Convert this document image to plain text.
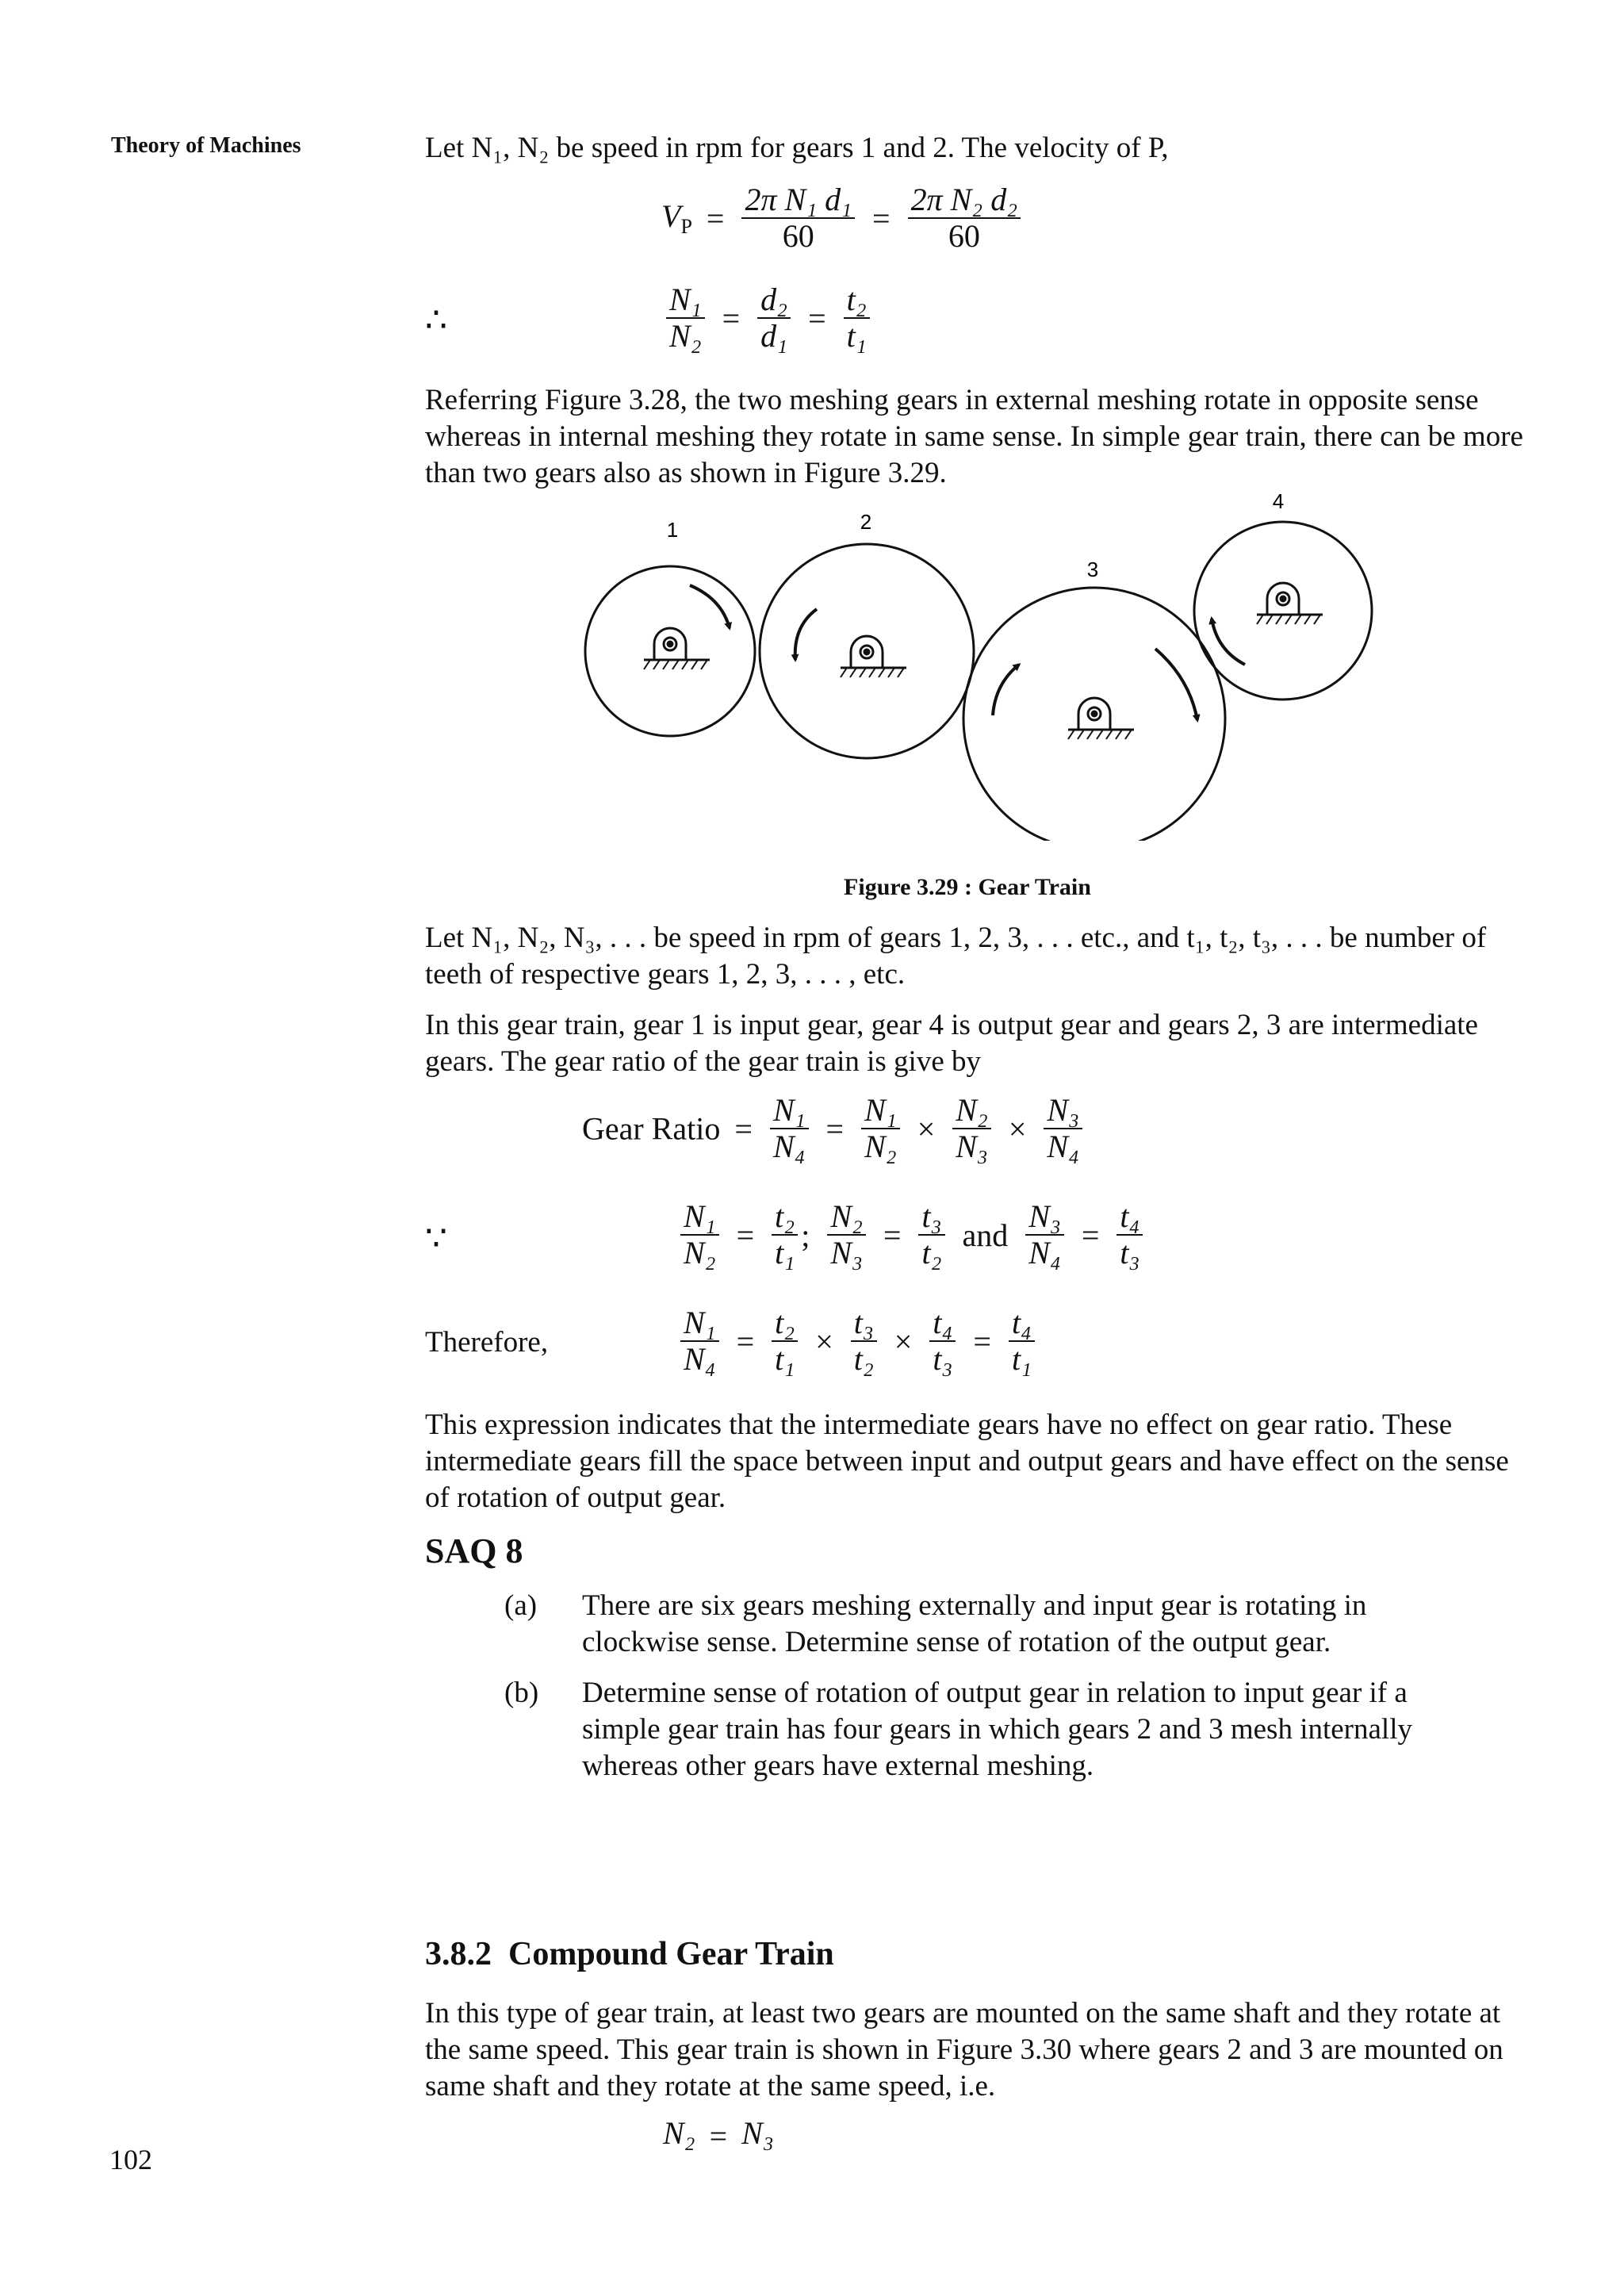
Theory of Machines	Let N₁, N₂ be speed in rpm for gears 1 and 2. The velocity of P,

$V_P = \frac{\text{2π N₁ d₁}}{60} = \frac{\text{2π N₂ d₂}}{60}$
∴	$\frac{\text{N₁}}{\text{N₂}} = \frac{\text{d₂}}{\text{d₁}} = \frac{\text{t₂}}{\text{t₁}}$

Referring Figure 3.28, the two meshing gears in external meshing rotate in opposite sense whereas in internal meshing they rotate in same sense. In simple gear train, there can be more than two gears also as shown in Figure 3.29.

1	2
3
4
Figure 3.29 : Gear Train

Let N₁, N₂, N₃, . . . be speed in rpm of gears 1, 2, 3, . . . etc., and t₁, t₂, t₃, . . . be number of teeth of respective gears 1, 2, 3, . . . , etc.

In this gear train, gear 1 is input gear, gear 4 is output gear and gears 2, 3 are intermediate gears. The gear ratio of the gear train is give by

Gear Ratio = $\frac{\text{N₁}}{\text{N₄}} = \frac{\text{N₁}}{\text{N₂}} \times \frac{\text{N₂}}{\text{N₃}} \times \frac{\text{N₃}}{\text{N₄}}$
∵	$\frac{\text{N₁}}{\text{N₂}} = \frac{\text{t₂}}{\text{t₁}}$ ; $\frac{\text{N₂}}{\text{N₃}} = \frac{\text{t₃}}{\text{t₂}}$ and $\frac{\text{N₃}}{\text{N₄}} = \frac{\text{t₄}}{\text{t₃}}$
Therefore,	$\frac{\text{N₁}}{\text{N₄}} = \frac{\text{t₂}}{\text{t₁}} \times \frac{\text{t₃}}{\text{t₂}} \times \frac{\text{t₄}}{\text{t₃}} = \frac{\text{t₄}}{\text{t₁}}$

This expression indicates that the intermediate gears have no effect on gear ratio. These intermediate gears fill the space between input and output gears and have effect on the sense of rotation of output gear.

SAQ 8
(a) There are six gears meshing externally and input gear is rotating in clockwise sense. Determine sense of rotation of the output gear.

(b) Determine sense of rotation of output gear in relation to input gear if a simple gear train has four gears in which gears 2 and 3 mesh internally whereas other gears have external meshing.

3.8.2 Compound Gear Train

In this type of gear train, at least two gears are mounted on the same shaft and they rotate at the same speed. This gear train is shown in Figure 3.30 where gears 2 and 3 are mounted on same shaft and they rotate at the same speed, i.e.

N₂ = N₃
102
